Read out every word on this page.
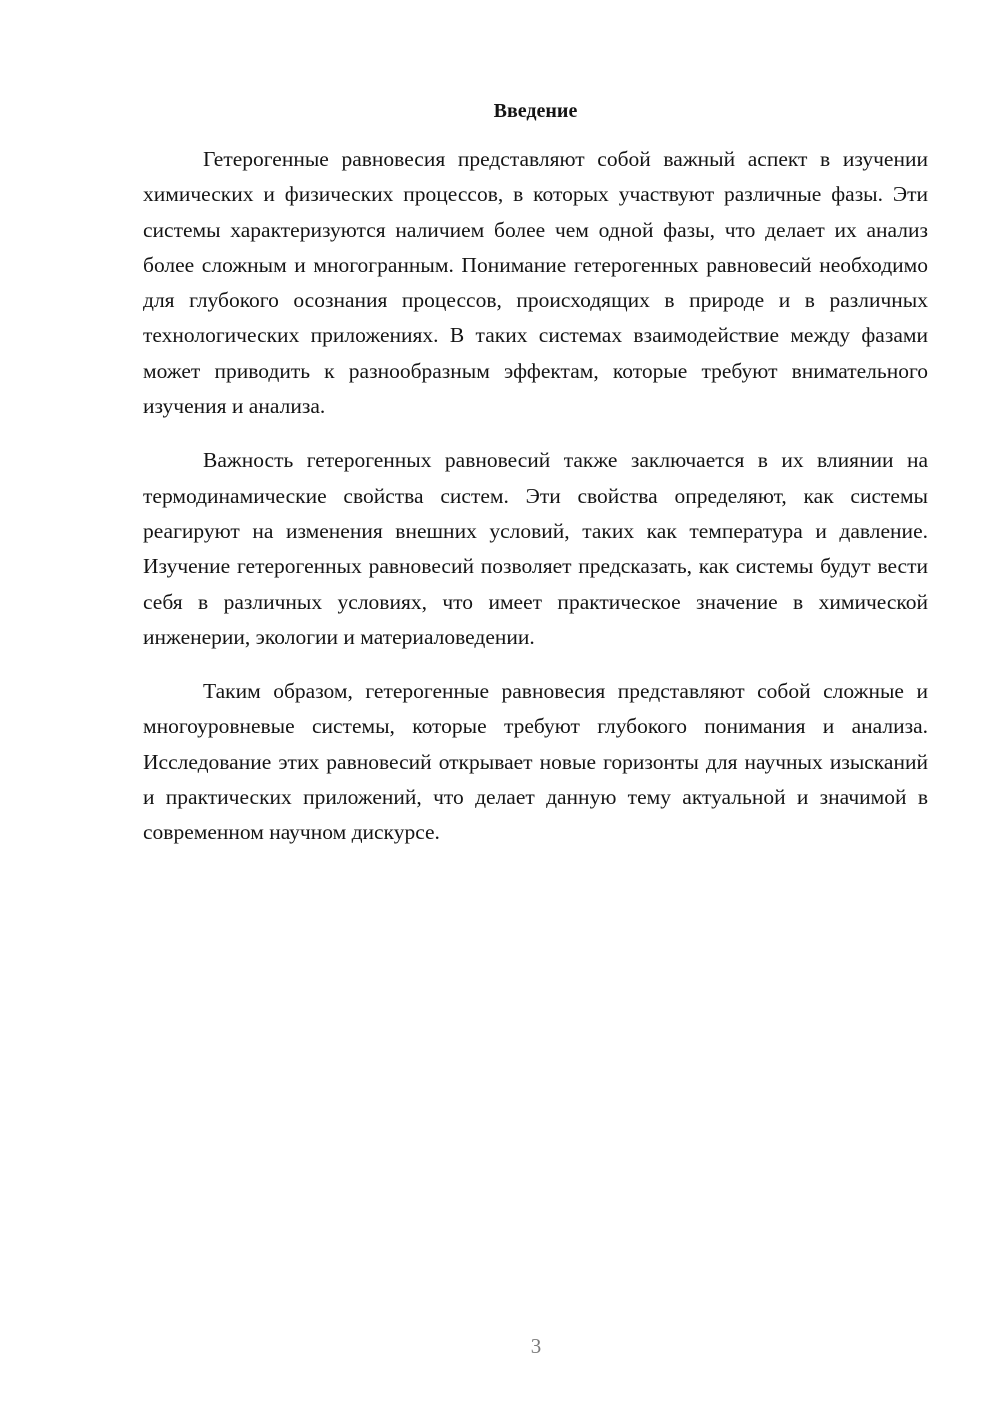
Введение

Гетерогенные равновесия представляют собой важный аспект в изучении химических и физических процессов, в которых участвуют различные фазы. Эти системы характеризуются наличием более чем одной фазы, что делает их анализ более сложным и многогранным. Понимание гетерогенных равновесий необходимо для глубокого осознания процессов, происходящих в природе и в различных технологических приложениях. В таких системах взаимодействие между фазами может приводить к разнообразным эффектам, которые требуют внимательного изучения и анализа.

Важность гетерогенных равновесий также заключается в их влиянии на термодинамические свойства систем. Эти свойства определяют, как системы реагируют на изменения внешних условий, таких как температура и давление. Изучение гетерогенных равновесий позволяет предсказать, как системы будут вести себя в различных условиях, что имеет практическое значение в химической инженерии, экологии и материаловедении.

Таким образом, гетерогенные равновесия представляют собой сложные и многоуровневые системы, которые требуют глубокого понимания и анализа. Исследование этих равновесий открывает новые горизонты для научных изысканий и практических приложений, что делает данную тему актуальной и значимой в современном научном дискурсе.

3
